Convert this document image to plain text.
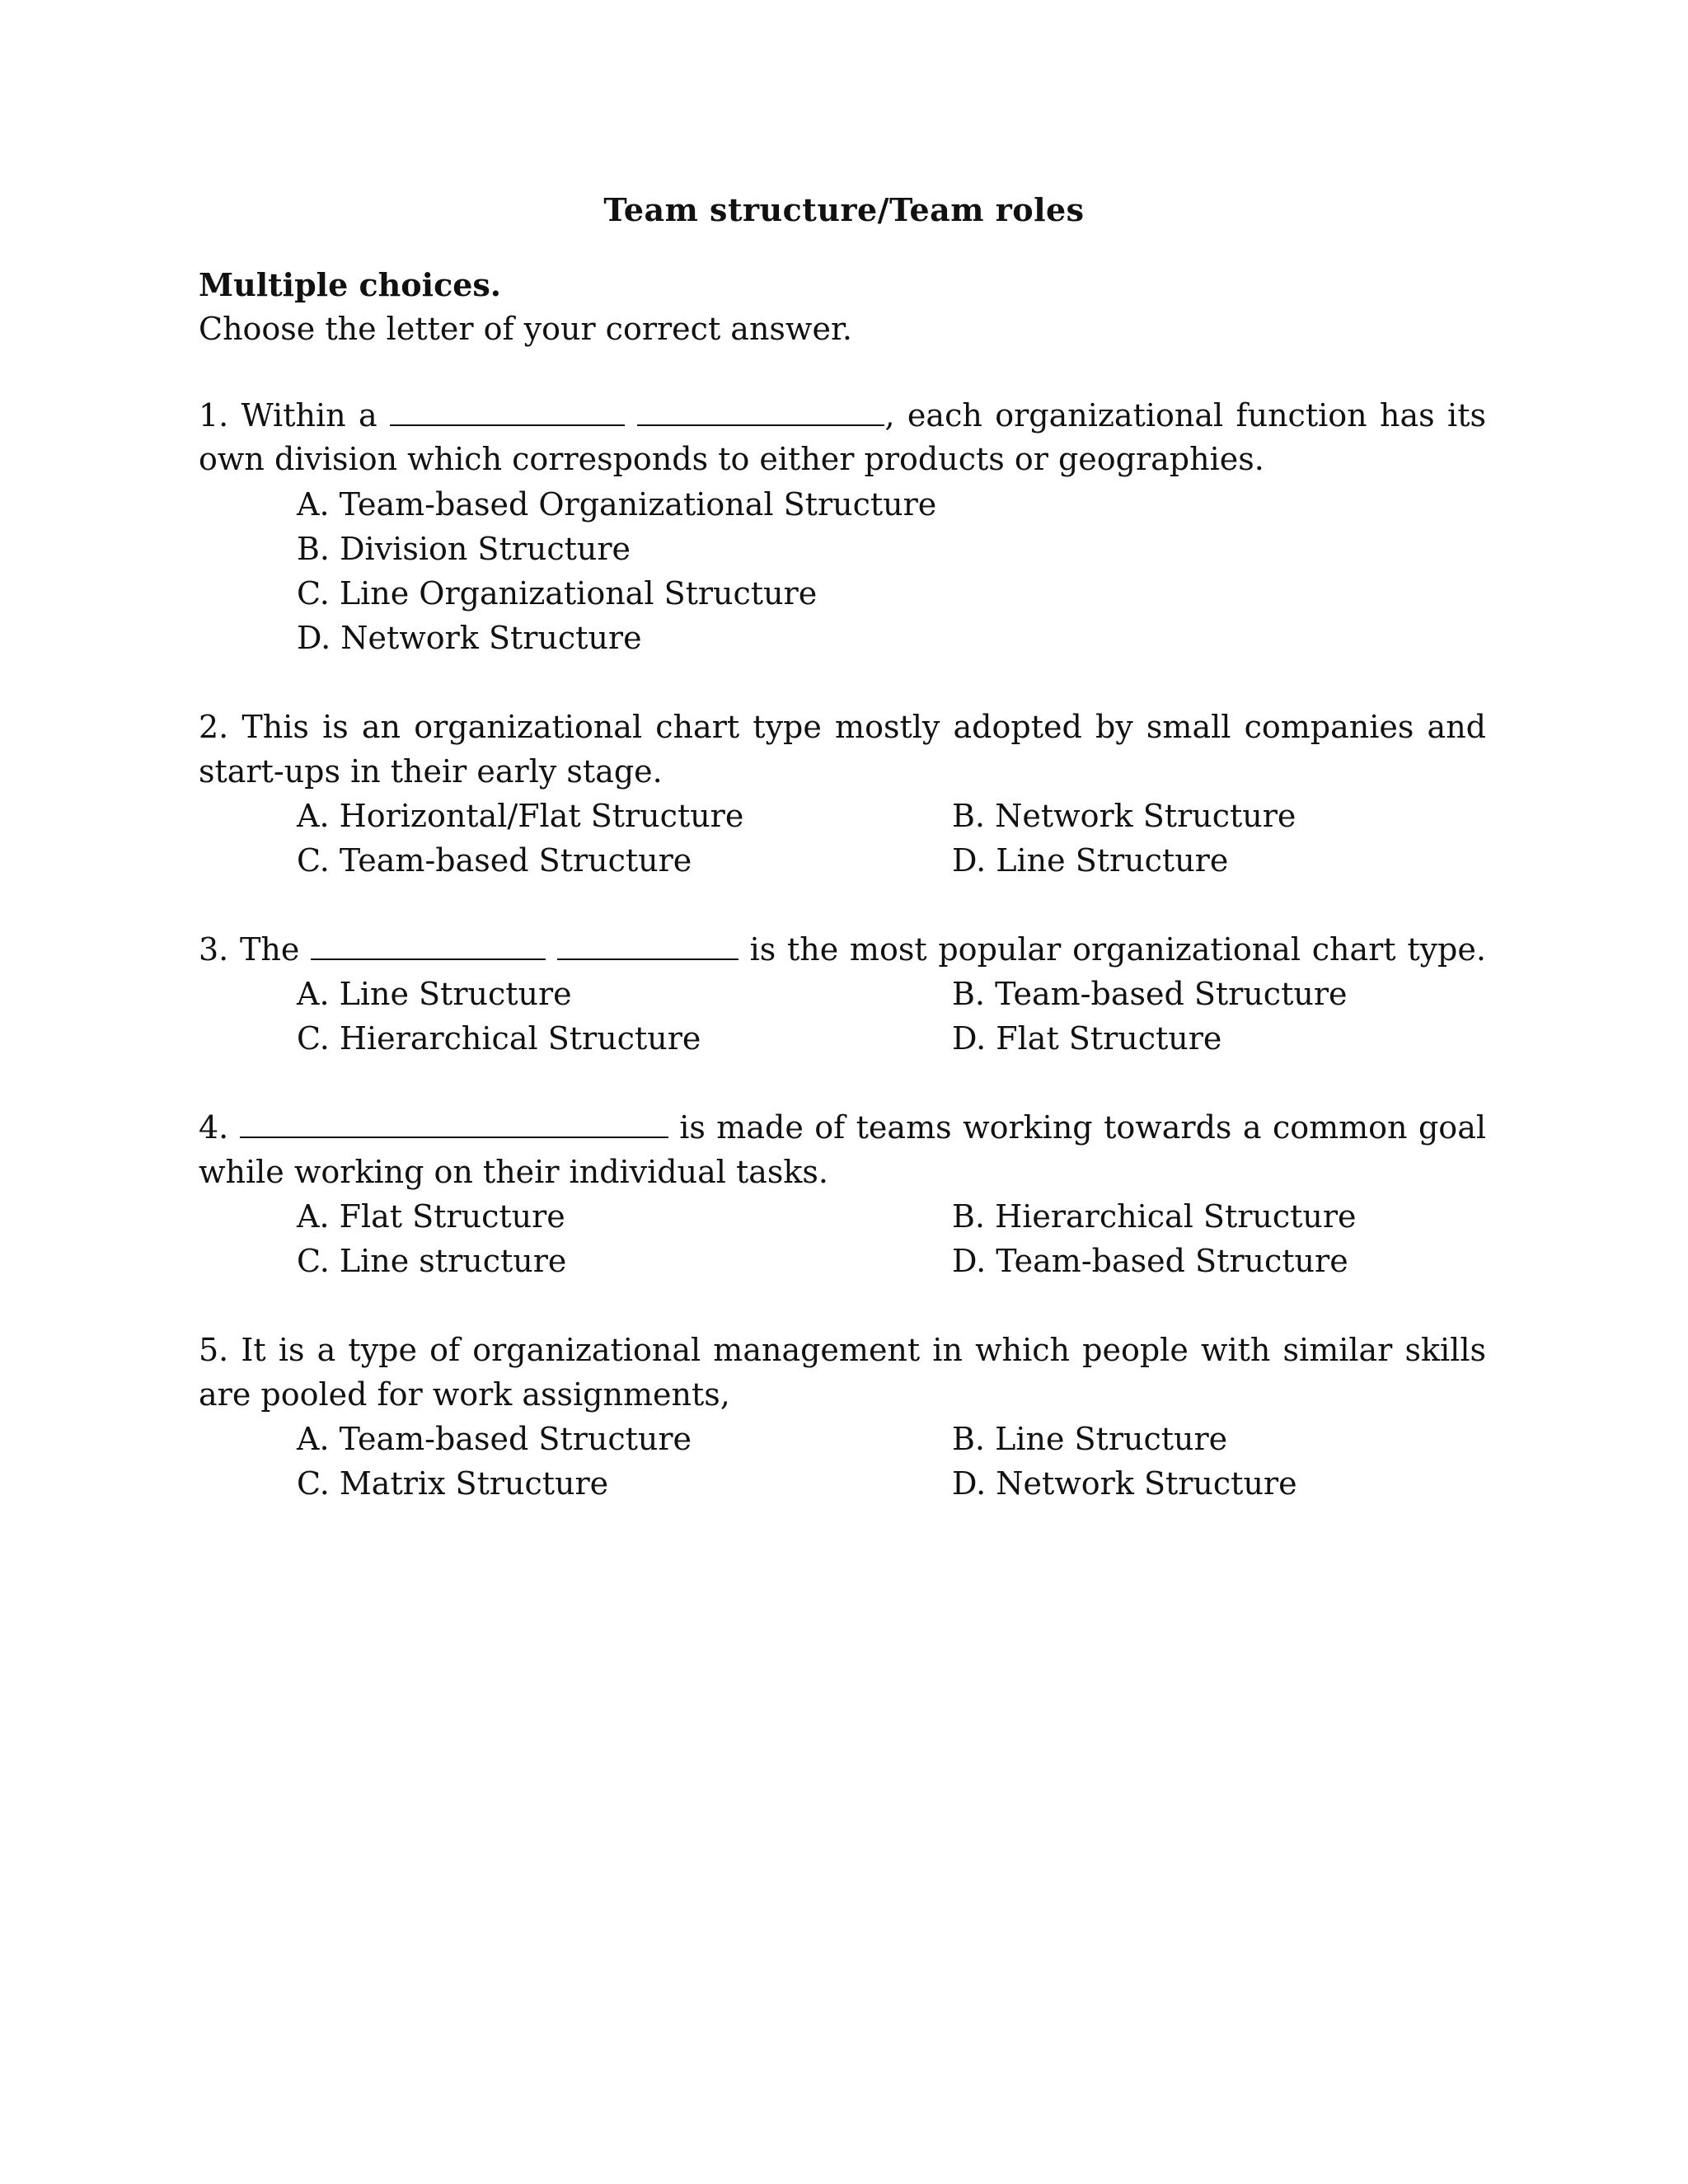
Team structure/Team roles
Multiple choices.
Choose the letter of your correct answer.
1. Within a	, each organizational function has its
own division which corresponds to either products or geographies.
A. Team-based Organizational Structure
B. Division Structure
C. Line Organizational Structure
D. Network Structure
2. This is an organizational chart type mostly adopted by small companies and
start-ups in their early stage.
A. Horizontal/Flat Structure	B. Network Structure
C. Team-based Structure	D. Line Structure
3. The	is the most popular organizational chart type.
A. Line Structure	B. Team-based Structure
C. Hierarchical Structure	D. Flat Structure
4.	is made of teams working towards a common goal
while working on their individual tasks.
A. Flat Structure	B. Hierarchical Structure
C. Line structure	D. Team-based Structure
5. It is a type of organizational management in which people with similar skills
are pooled for work assignments,
A. Team-based Structure	B. Line Structure
C. Matrix Structure	D. Network Structure
